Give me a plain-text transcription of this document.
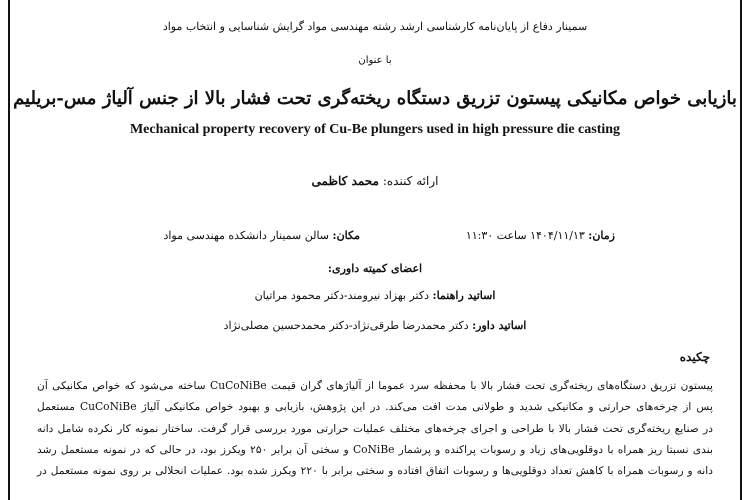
سمینار دفاع از پایان‌نامه کارشناسی ارشد رشته مهندسی مواد گرایش شناسایی و انتخاب مواد
با عنوان
بازیابی خواص مکانیکی پیستون تزریق دستگاه ریخته‌گری تحت فشار بالا از جنس آلیاژ مس-بریلیم
Mechanical property recovery of Cu-Be plungers used in high pressure die casting
ارائه کننده: محمد کاظمی
زمان: ۱۴۰۴/۱۱/۱۳ ساعت ۱۱:۳۰
مکان: سالن سمینار دانشکده مهندسی مواد
اعضای کمیته داوری:
اساتید راهنما: دکتر بهزاد نیرومند-دکتر محمود مراتیان
اساتید داور: دکتر محمدرضا طرقی‌نژاد-دکتر محمدحسین مصلی‌نژاد
چکیده
پیستون تزریق دستگاه‌های ریخته‌گری تحت فشار بالا با محفظه سرد عموما از آلیاژهای گران قیمت CuCoNiBe ساخته می‌شود که خواص مکانیکی آن
پس از چرخه‌های حرارتی و مکانیکی شدید و طولانی مدت افت می‌کند. در این پژوهش، بازیابی و بهبود خواص مکانیکی آلیاژ CuCoNiBe مستعمل
در صنایع ریخته‌گری تحت فشار بالا با طراحی و اجرای چرخه‌های مختلف عملیات حرارتی مورد بررسی قرار گرفت. ساختار نمونه کار نکرده شامل دانه
بندی نسبتا ریز همراه با دوقلویی‌های زیاد و رسوبات پراکنده و پرشمار CoNiBe و سختی آن برابر ۲۵۰ ویکرز بود، در حالی که در نمونه مستعمل رشد
دانه و رسوبات همراه با کاهش تعداد دوقلویی‌ها و رسوبات اتفاق افتاده و سختی برابر با ۲۲۰ ویکرز شده بود. عملیات انحلالی بر روی نمونه مستعمل در
